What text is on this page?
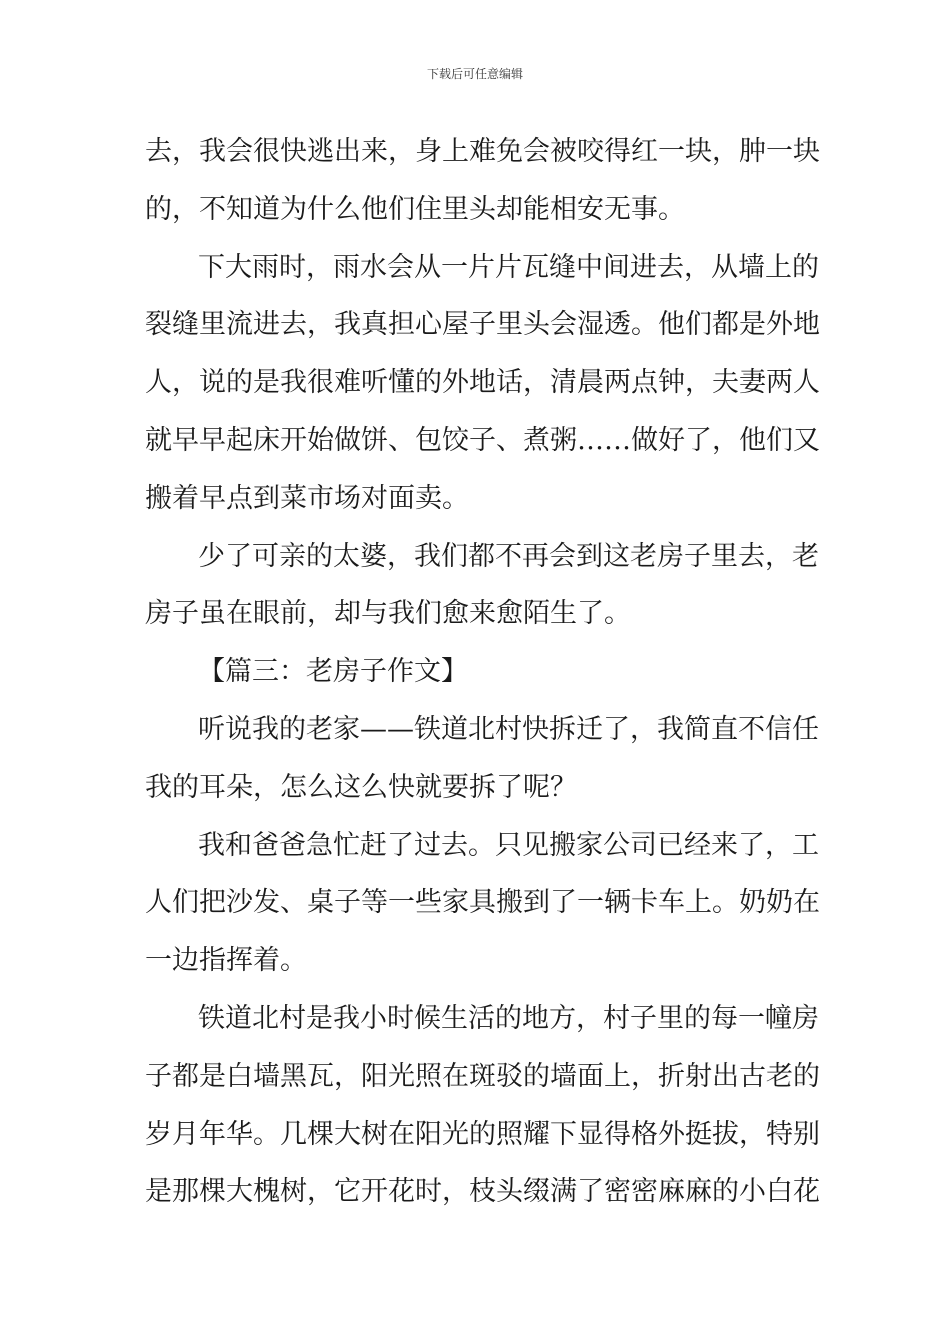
下载后可任意编辑
去，我会很快逃出来，身上难免会被咬得红一块，肿一块
的，不知道为什么他们住里头却能相安无事。
下大雨时，雨水会从一片片瓦缝中间进去，从墙上的
裂缝里流进去，我真担心屋子里头会湿透。他们都是外地
人，说的是我很难听懂的外地话，清晨两点钟，夫妻两人
就早早起床开始做饼、包饺子、煮粥……做好了，他们又
搬着早点到菜市场对面卖。
少了可亲的太婆，我们都不再会到这老房子里去，老
房子虽在眼前，却与我们愈来愈陌生了。
【篇三：老房子作文】
听说我的老家——铁道北村快拆迁了，我简直不信任
我的耳朵，怎么这么快就要拆了呢？
我和爸爸急忙赶了过去。只见搬家公司已经来了，工
人们把沙发、桌子等一些家具搬到了一辆卡车上。奶奶在
一边指挥着。
铁道北村是我小时候生活的地方，村子里的每一幢房
子都是白墙黑瓦，阳光照在斑驳的墙面上，折射出古老的
岁月年华。几棵大树在阳光的照耀下显得格外挺拔，特别
是那棵大槐树，它开花时，枝头缀满了密密麻麻的小白花
